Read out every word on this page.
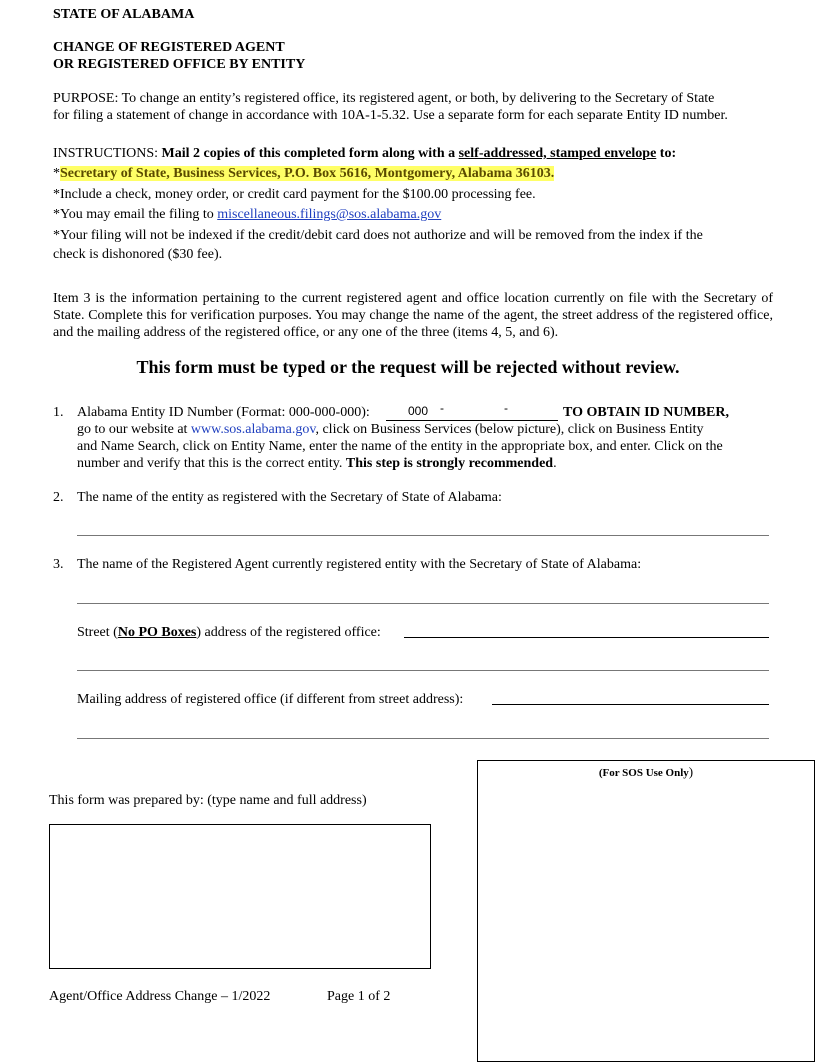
STATE OF ALABAMA
CHANGE OF REGISTERED AGENT
OR REGISTERED OFFICE BY ENTITY
PURPOSE: To change an entity’s registered office, its registered agent, or both, by delivering to the Secretary of State
for filing a statement of change in accordance with 10A-1-5.32. Use a separate form for each separate Entity ID number.
INSTRUCTIONS: Mail 2 copies of this completed form along with a self-addressed, stamped envelope to:
*Secretary of State, Business Services, P.O. Box 5616, Montgomery, Alabama 36103.
*Include a check, money order, or credit card payment for the $100.00 processing fee.
*You may email the filing to miscellaneous.filings@sos.alabama.gov
*Your filing will not be indexed if the credit/debit card does not authorize and will be removed from the index if the
check is dishonored ($30 fee).
Item 3 is the information pertaining to the current registered agent and office location currently on file with the Secretary of State. Complete this for verification purposes. You may change the name of the agent, the street address of the registered office, and the mailing address of the registered office, or any one of the three (items 4, 5, and 6).
This form must be typed or the request will be rejected without review.
1. Alabama Entity ID Number (Format: 000-000-000):	000 -	-	TO OBTAIN ID NUMBER,
go to our website at www.sos.alabama.gov, click on Business Services (below picture), click on Business Entity
and Name Search, click on Entity Name, enter the name of the entity in the appropriate box, and enter. Click on the
number and verify that this is the correct entity. This step is strongly recommended.
2. The name of the entity as registered with the Secretary of State of Alabama:
3. The name of the Registered Agent currently registered entity with the Secretary of State of Alabama:
Street (No PO Boxes) address of the registered office:
Mailing address of registered office (if different from street address):
(For SOS Use Only)
This form was prepared by: (type name and full address)
Agent/Office Address Change – 1/2022	Page 1 of 2
